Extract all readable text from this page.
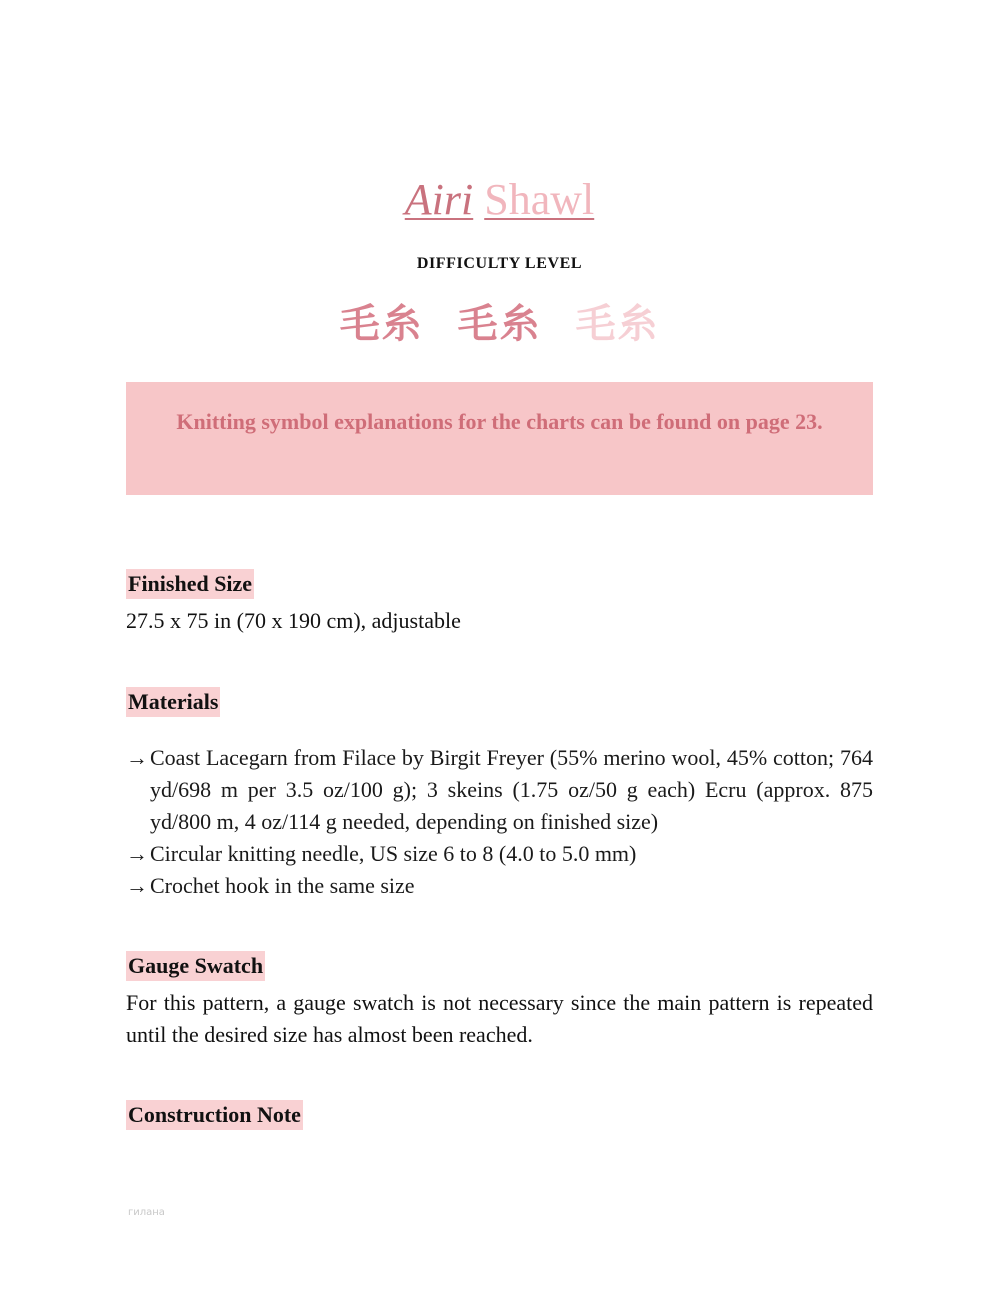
Airi Shawl
DIFFICULTY LEVEL
毛糸 毛糸 毛糸
Knitting symbol explanations for the charts can be found on page 23.
Finished Size
27.5 x 75 in (70 x 190 cm), adjustable
Materials
→ Coast Lacegarn from Filace by Birgit Freyer (55% merino wool, 45% cotton; 764 yd/698 m per 3.5 oz/100 g); 3 skeins (1.75 oz/50 g each) Ecru (approx. 875 yd/800 m, 4 oz/114 g needed, depending on finished size)
→ Circular knitting needle, US size 6 to 8 (4.0 to 5.0 mm)
→ Crochet hook in the same size
Gauge Swatch
For this pattern, a gauge swatch is not necessary since the main pattern is repeated until the desired size has almost been reached.
Construction Note
гилана
